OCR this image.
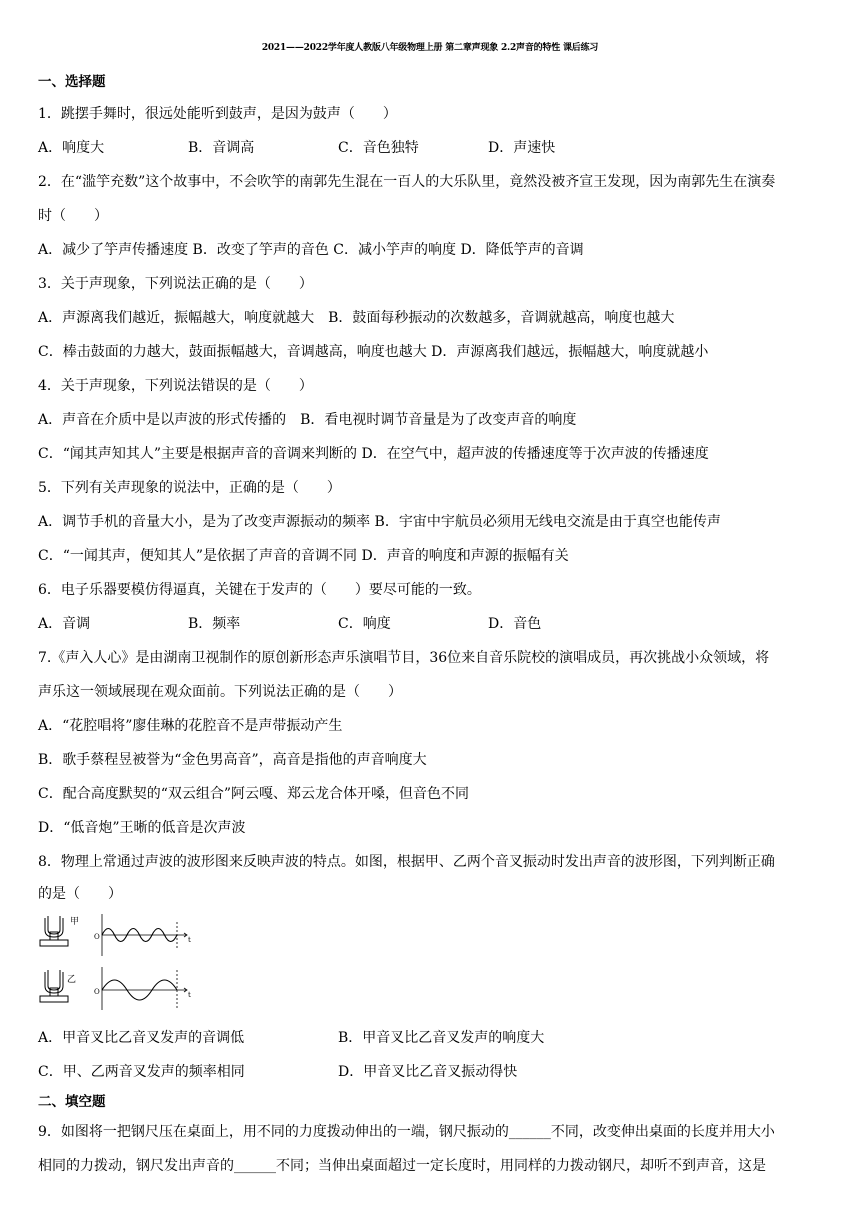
2021——2022学年度人教版八年级物理上册 第二章声现象 2.2声音的特性 课后练习
一、选择题
1．跳摆手舞时，很远处能听到鼓声，是因为鼓声（　　）
A．响度大	B．音调高	C．音色独特	D．声速快
2．在“滥竽充数”这个故事中，不会吹竽的南郭先生混在一百人的大乐队里，竟然没被齐宣王发现，因为南郭先生在演奏
时（　　）
A．减少了竽声传播速度 B．改变了竽声的音色 C．减小竽声的响度 D．降低竽声的音调
3．关于声现象，下列说法正确的是（　　）
A．声源离我们越近，振幅越大，响度就越大　B．鼓面每秒振动的次数越多，音调就越高，响度也越大
C．棒击鼓面的力越大，鼓面振幅越大，音调越高，响度也越大 D．声源离我们越远，振幅越大，响度就越小
4．关于声现象，下列说法错误的是（　　）
A．声音在介质中是以声波的形式传播的　B．看电视时调节音量是为了改变声音的响度
C．“闻其声知其人”主要是根据声音的音调来判断的 D．在空气中，超声波的传播速度等于次声波的传播速度
5．下列有关声现象的说法中，正确的是（　　）
A．调节手机的音量大小，是为了改变声源振动的频率 B．宇宙中宇航员必须用无线电交流是由于真空也能传声
C．“一闻其声，便知其人”是依据了声音的音调不同 D．声音的响度和声源的振幅有关
6．电子乐器要模仿得逼真，关键在于发声的（　　）要尽可能的一致。
A．音调	B．频率	C．响度	D．音色
7.《声入人心》是由湖南卫视制作的原创新形态声乐演唱节目，36位来自音乐院校的演唱成员，再次挑战小众领域，将
声乐这一领域展现在观众面前。下列说法正确的是（　　）
A．“花腔唱将”廖佳琳的花腔音不是声带振动产生
B．歌手蔡程昱被誉为“金色男高音”，高音是指他的声音响度大
C．配合高度默契的“双云组合”阿云嘎、郑云龙合体开嗓，但音色不同
D．“低音炮”王晰的低音是次声波
8．物理上常通过声波的波形图来反映声波的特点。如图，根据甲、乙两个音叉振动时发出声音的波形图，下列判断正确
的是（　　）
甲
O	t
乙
O	t
A．甲音叉比乙音叉发声的音调低	B．甲音叉比乙音叉发声的响度大
C．甲、乙两音叉发声的频率相同	D．甲音叉比乙音叉振动得快
二、填空题
9．如图将一把钢尺压在桌面上，用不同的力度拨动伸出的一端，钢尺振动的______不同，改变伸出桌面的长度并用大小
相同的力拨动，钢尺发出声音的______不同；当伸出桌面超过一定长度时，用同样的力拨动钢尺，却听不到声音，这是
